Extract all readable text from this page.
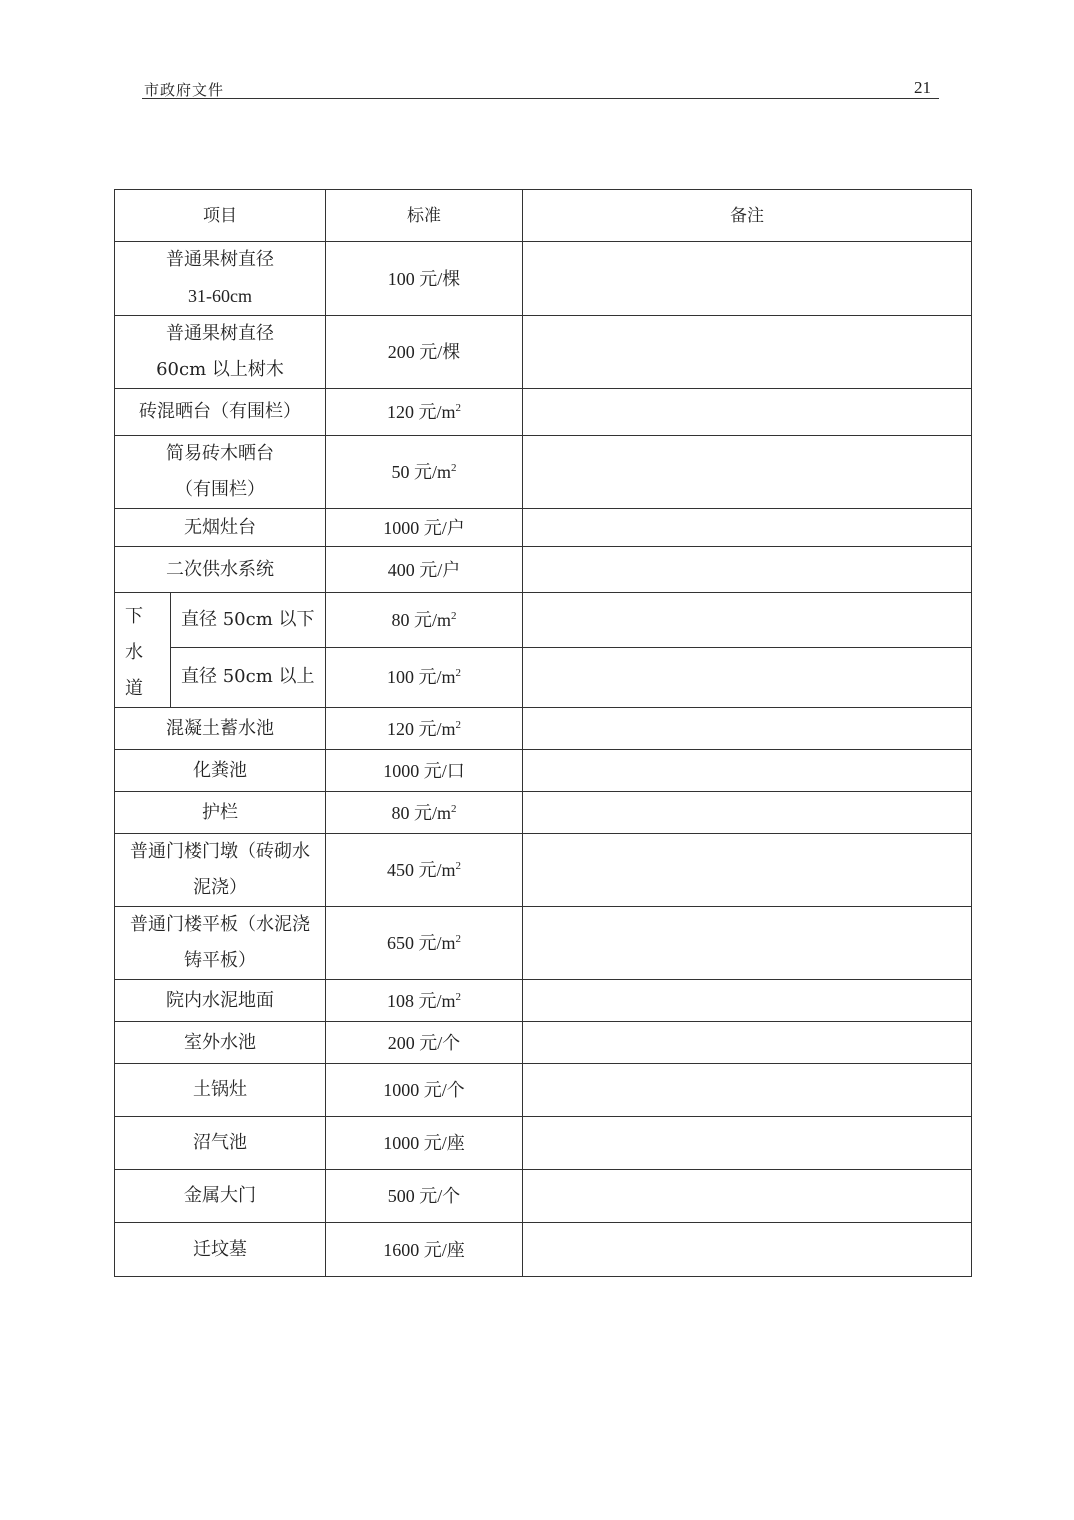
市政府文件	21
项目		标准	备注
普通果树直径
31-60cm		100 元/棵	
普通果树直径
60cm 以上树木		200 元/棵	
砖混晒台（有围栏）		120 元$/m^2$	
简易砖木晒台
（有围栏）		50 元$/m^2$	
无烟灶台		1000 元/户	
二次供水系统		400 元/户	

下
水
道	直径 50cm 以下	80 元$/m^2$	
	直径 50cm 以上	100 元$/m^2$	
混凝土蓄水池		120 元$/m^2$	
化粪池		1000 元/口	
护栏		80 元$/m^2$	
普通门楼门墩（砖砌水
泥浇）		450 元$/m^2$	
普通门楼平板（水泥浇
铸平板）		650 元$/m^2$	
院内水泥地面		108 元$/m^2$	
室外水池		200 元/个	
土锅灶		1000 元/个	
沼气池		1000 元/座	
金属大门		500 元/个	
迁坟墓		1600 元/座	
